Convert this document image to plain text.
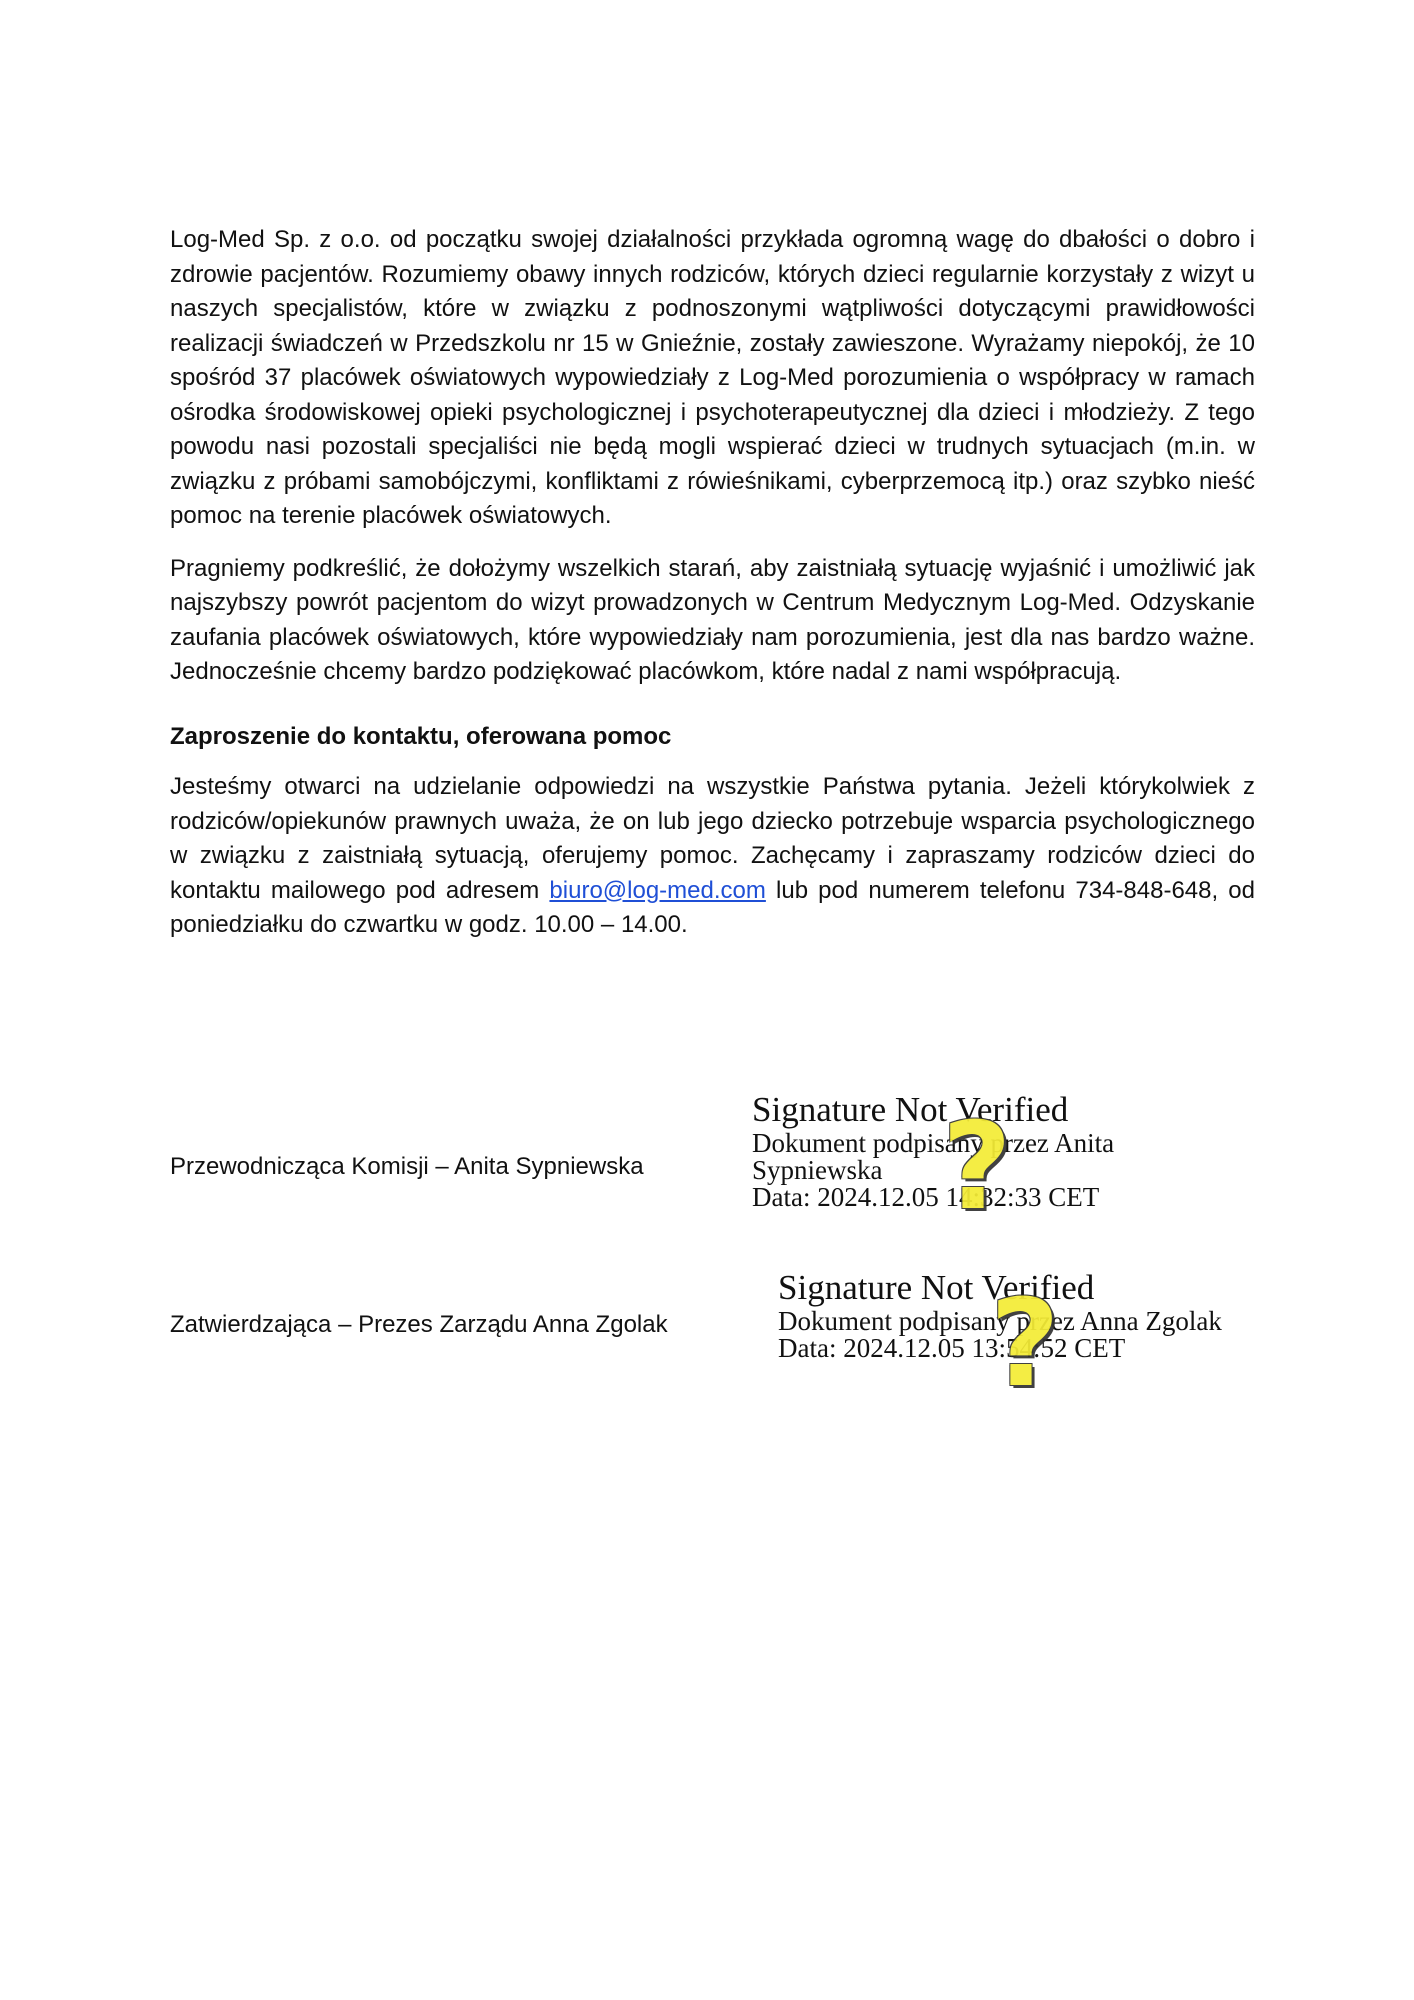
Log-Med Sp. z o.o. od początku swojej działalności przykłada ogromną wagę do dbałości o dobro i zdrowie pacjentów. Rozumiemy obawy innych rodziców, których dzieci regularnie korzystały z wizyt u naszych specjalistów, które w związku z podnoszonymi wątpliwości dotyczącymi prawidłowości realizacji świadczeń w Przedszkolu nr 15 w Gnieźnie, zostały zawieszone. Wyrażamy niepokój, że 10 spośród 37 placówek oświatowych wypowiedziały z Log-Med porozumienia o współpracy w ramach ośrodka środowiskowej opieki psychologicznej i psychoterapeutycznej dla dzieci i młodzieży. Z tego powodu nasi pozostali specjaliści nie będą mogli wspierać dzieci w trudnych sytuacjach (m.in. w związku z próbami samobójczymi, konfliktami z rówieśnikami, cyberprzemocą itp.) oraz szybko nieść pomoc na terenie placówek oświatowych.

Pragniemy podkreślić, że dołożymy wszelkich starań, aby zaistniałą sytuację wyjaśnić i umożliwić jak najszybszy powrót pacjentom do wizyt prowadzonych w Centrum Medycznym Log-Med. Odzyskanie zaufania placówek oświatowych, które wypowiedziały nam porozumienia, jest dla nas bardzo ważne. Jednocześnie chcemy bardzo podziękować placówkom, które nadal z nami współpracują.

Zaproszenie do kontaktu, oferowana pomoc

Jesteśmy otwarci na udzielanie odpowiedzi na wszystkie Państwa pytania. Jeżeli którykolwiek z rodziców/opiekunów prawnych uważa, że on lub jego dziecko potrzebuje wsparcia psychologicznego w związku z zaistniałą sytuacją, oferujemy pomoc. Zachęcamy i zapraszamy rodziców dzieci do kontaktu mailowego pod adresem biuro@log-med.com lub pod numerem telefonu 734-848-648, od poniedziałku do czwartku w godz. 10.00 – 14.00.

Przewodnicząca Komisji – Anita Sypniewska
Signature Not Verified
Dokument podpisany przez Anita
Sypniewska
Data: 2024.12.05 14:32:33 CET
?
Zatwierdzająca – Prezes Zarządu Anna Zgolak
Signature Not Verified
Dokument podpisany przez Anna Zgolak
Data: 2024.12.05 13:54:52 CET
?
